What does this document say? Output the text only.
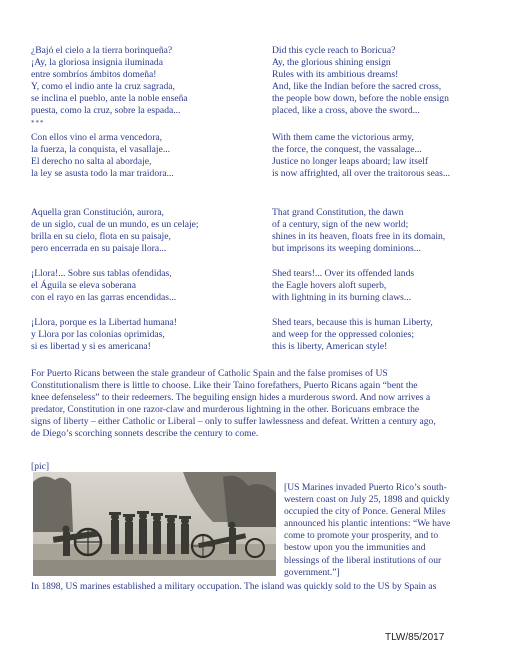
¿Bajó el cielo a la tierra borinqueña?
¡Ay, la gloriosa insignia iluminada
entre sombríos ámbitos domeña!
Y, como el indio ante la cruz sagrada,
se inclina el pueblo, ante la noble enseña
puesta, como la cruz, sobre la espada...
***
Did this cycle reach to Boricua?
Ay, the glorious shining ensign
Rules with its ambitious dreams!
And, like the Indian before the sacred cross,
the people bow down, before the noble ensign
placed, like a cross, above the sword...
Con ellos vino el arma vencedora,
la fuerza, la conquista, el vasallaje...
El derecho no salta al abordaje,
la ley se asusta todo la mar traidora...
With them came the victorious army,
the force, the conquest, the vassalage...
Justice no longer leaps aboard; law itself
is now affrighted, all over the traitorous seas...
Aquella gran Constitución, aurora,
de un siglo, cual de un mundo, es un celaje;
brilla en su cielo, flota en su paisaje,
pero encerrada en su paisaje llora...
That grand Constitution, the dawn
of a century, sign of the new world;
shines in its heaven, floats free in its domain,
but imprisons its weeping dominions...
¡Llora!... Sobre sus tablas ofendidas,
el Águila se eleva soberana
con el rayo en las garras encendidas...
Shed tears!... Over its offended lands
the Eagle hovers aloft superb,
with lightning in its burning claws...
¡Llora, porque es la Libertad humana!
y Llora por las colonias oprimidas,
si es libertad y si es americana!
Shed tears, because this is human Liberty,
and weep for the oppressed colonies;
this is liberty, American style!
For Puerto Ricans between the stale grandeur of Catholic Spain and the false promises of US
Constitutionalism there is little to choose. Like their Taino forefathers, Puerto Ricans again “bent the
knee defenseless” to their redeemers. The beguiling ensign hides a murderous sword. And now arrives a
predator, Constitution in one razor-claw and murderous lightning in the other. Boricuans embrace the
signs of liberty – either Catholic or Liberal – only to suffer lawlessness and defeat. Written a century ago,
de Diego’s scorching sonnets describe the century to come.
[pic]
[US Marines invaded Puerto Rico’s south-
western coast on July 25, 1898 and quickly
occupied the city of Ponce. General Miles
announced his plantic intentions: “We have
come to promote your prosperity, and to
bestow upon you the immunities and
blessings of the liberal institutions of our
government.”]
In 1898, US marines established a military occupation. The island was quickly sold to the US by Spain as
TLW/85/2017
